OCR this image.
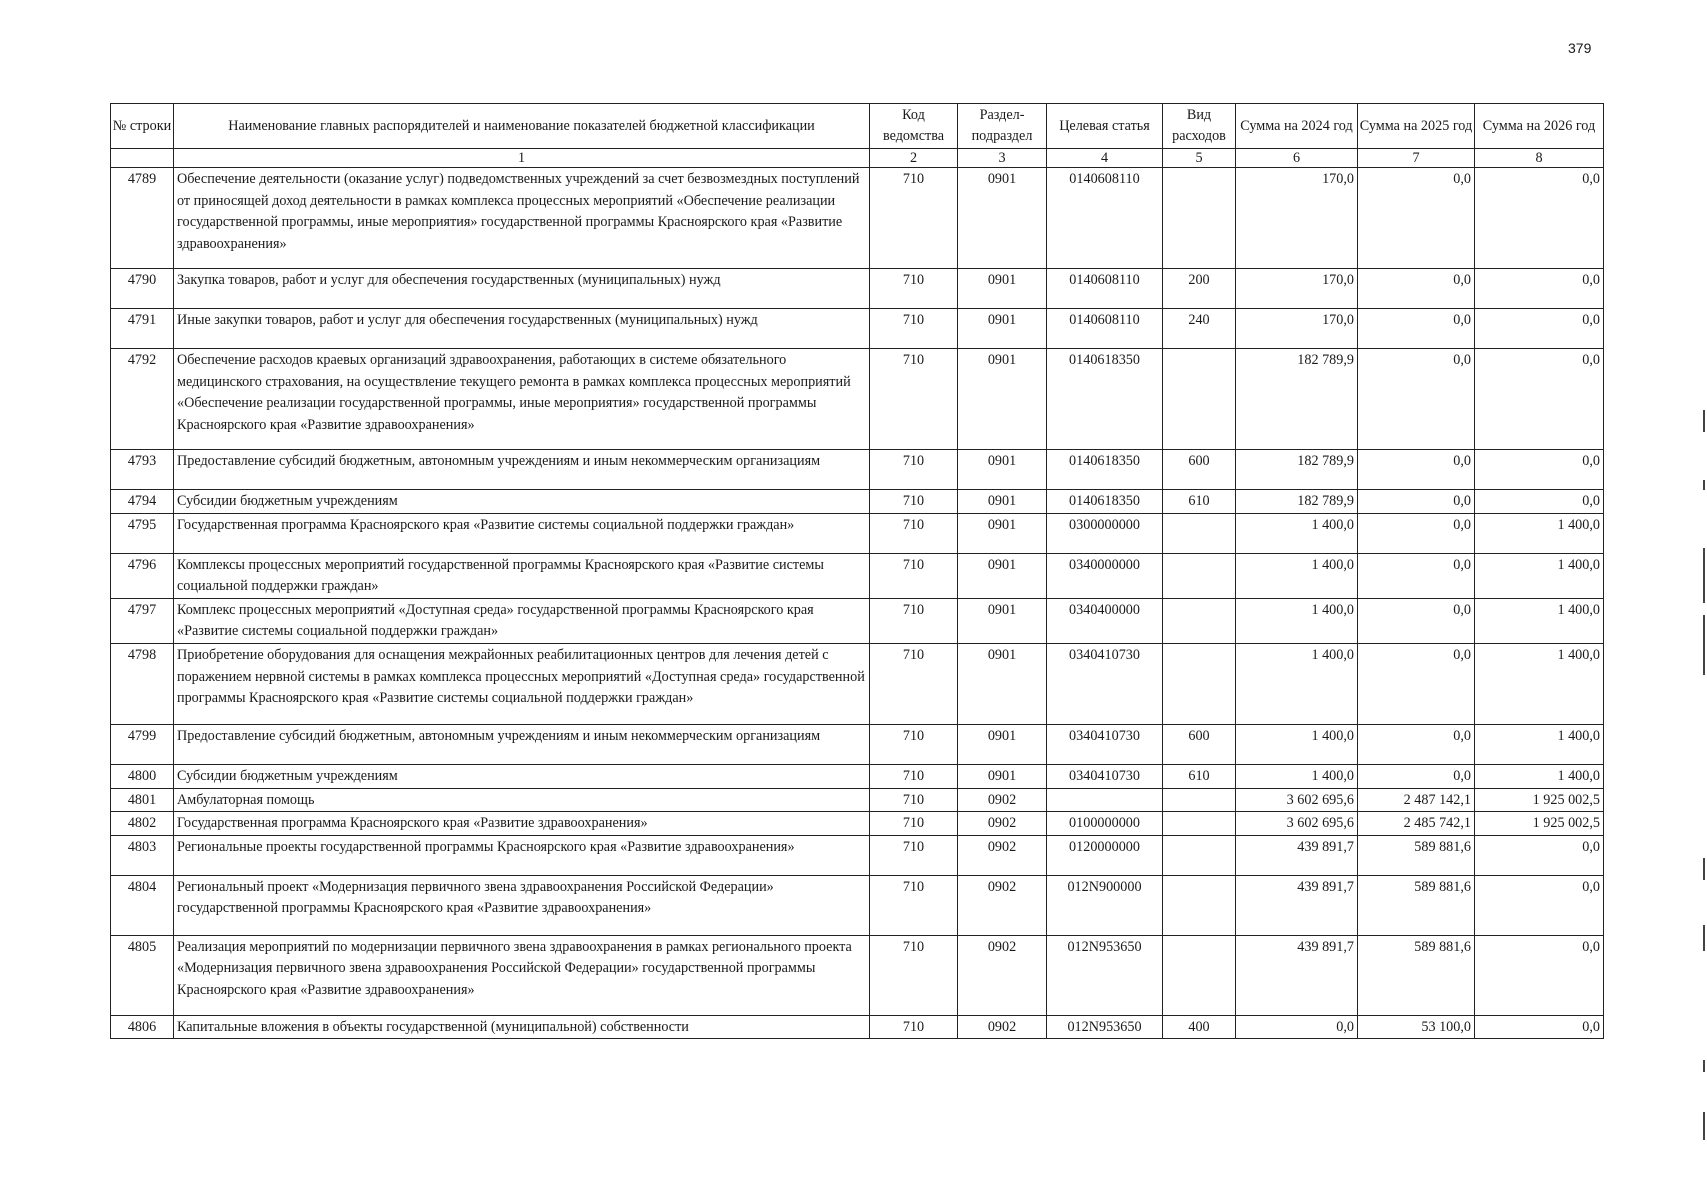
379
№ строки	Наименование главных распорядителей и наименование показателей бюджетной классификации	Код ведомства	Раздел-подраздел	Целевая статья	Вид расходов	Сумма на 2024 год	Сумма на 2025 год	Сумма на 2026 год
	1	2	3	4	5	6	7	8
4789	Обеспечение деятельности (оказание услуг) подведомственных учреждений за счет безвозмездных поступлений от приносящей доход деятельности в рамках комплекса процессных мероприятий «Обеспечение реализации государственной программы, иные мероприятия» государственной программы Красноярского края «Развитие здравоохранения»	710	0901	0140608110		170,0	0,0	0,0
4790	Закупка товаров, работ и услуг для обеспечения государственных (муниципальных) нужд	710	0901	0140608110	200	170,0	0,0	0,0
4791	Иные закупки товаров, работ и услуг для обеспечения государственных (муниципальных) нужд	710	0901	0140608110	240	170,0	0,0	0,0
4792	Обеспечение расходов краевых организаций здравоохранения, работающих в системе обязательного медицинского страхования, на осуществление текущего ремонта в рамках комплекса процессных мероприятий «Обеспечение реализации государственной программы, иные мероприятия» государственной программы Красноярского края «Развитие здравоохранения»	710	0901	0140618350		182 789,9	0,0	0,0
4793	Предоставление субсидий бюджетным, автономным учреждениям и иным некоммерческим организациям	710	0901	0140618350	600	182 789,9	0,0	0,0
4794	Субсидии бюджетным учреждениям	710	0901	0140618350	610	182 789,9	0,0	0,0
4795	Государственная программа Красноярского края «Развитие системы социальной поддержки граждан»	710	0901	0300000000		1 400,0	0,0	1 400,0
4796	Комплексы процессных мероприятий государственной программы Красноярского края «Развитие системы социальной поддержки граждан»	710	0901	0340000000		1 400,0	0,0	1 400,0
4797	Комплекс процессных мероприятий «Доступная среда» государственной программы Красноярского края «Развитие системы социальной поддержки граждан»	710	0901	0340400000		1 400,0	0,0	1 400,0
4798	Приобретение оборудования для оснащения межрайонных реабилитационных центров для лечения детей с поражением нервной системы в рамках комплекса процессных мероприятий «Доступная среда» государственной программы Красноярского края «Развитие системы социальной поддержки граждан»	710	0901	0340410730		1 400,0	0,0	1 400,0
4799	Предоставление субсидий бюджетным, автономным учреждениям и иным некоммерческим организациям	710	0901	0340410730	600	1 400,0	0,0	1 400,0
4800	Субсидии бюджетным учреждениям	710	0901	0340410730	610	1 400,0	0,0	1 400,0
4801	Амбулаторная помощь	710	0902			3 602 695,6	2 487 142,1	1 925 002,5
4802	Государственная программа Красноярского края «Развитие здравоохранения»	710	0902	0100000000		3 602 695,6	2 485 742,1	1 925 002,5
4803	Региональные проекты государственной программы Красноярского края «Развитие здравоохранения»	710	0902	0120000000		439 891,7	589 881,6	0,0
4804	Региональный проект «Модернизация первичного звена здравоохранения Российской Федерации» государственной программы Красноярского края «Развитие здравоохранения»	710	0902	012N900000		439 891,7	589 881,6	0,0
4805	Реализация мероприятий по модернизации первичного звена здравоохранения в рамках регионального проекта «Модернизация первичного звена здравоохранения Российской Федерации» государственной программы Красноярского края «Развитие здравоохранения»	710	0902	012N953650		439 891,7	589 881,6	0,0
4806	Капитальные вложения в объекты государственной (муниципальной) собственности	710	0902	012N953650	400	0,0	53 100,0	0,0
